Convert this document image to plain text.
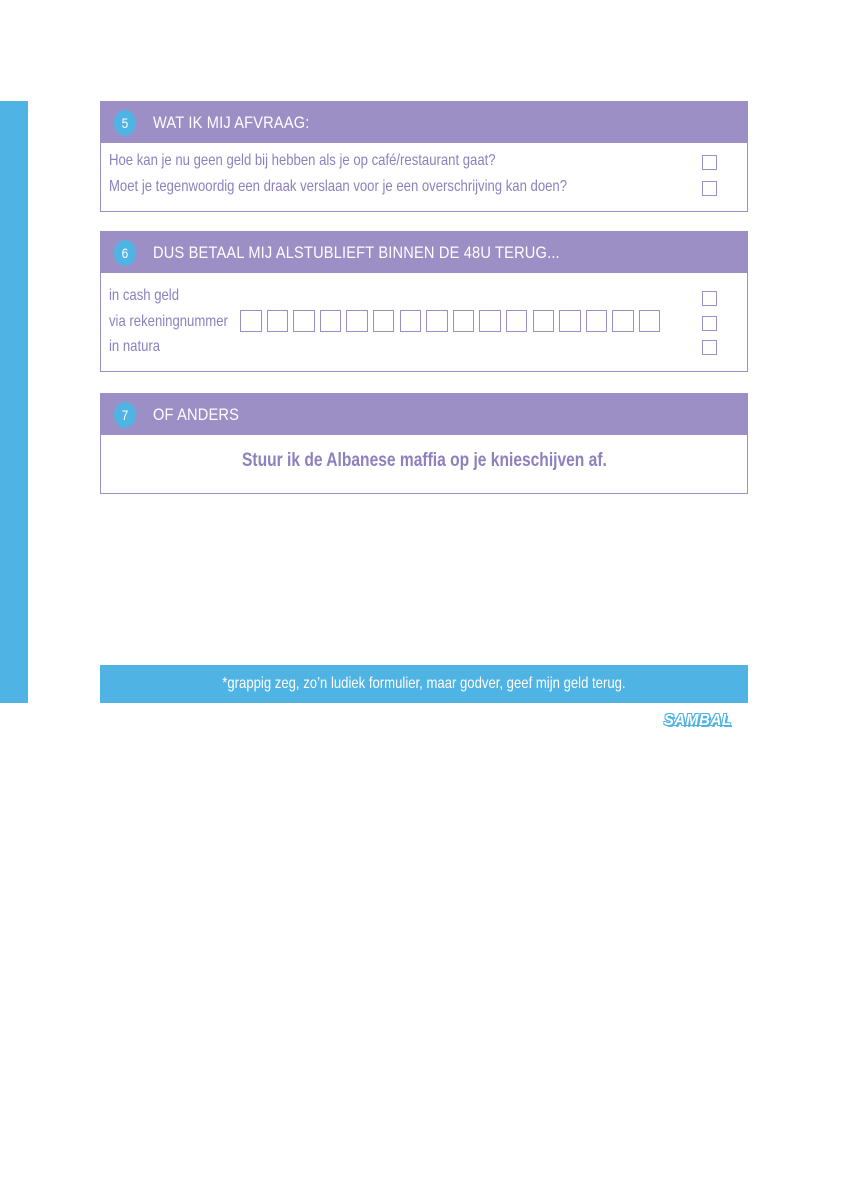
5	WAT IK MIJ AFVRAAG:
Hoe kan je nu geen geld bij hebben als je op café/restaurant gaat?
Moet je tegenwoordig een draak verslaan voor je een overschrijving kan doen?
6	DUS BETAAL MIJ ALSTUBLIEFT BINNEN DE 48U TERUG...
in cash geld
via rekeningnummer
in natura
7	OF ANDERS
Stuur ik de Albanese maffia op je knieschijven af.
*grappig zeg, zo’n ludiek formulier, maar godver, geef mijn geld terug.
SAMBAL
